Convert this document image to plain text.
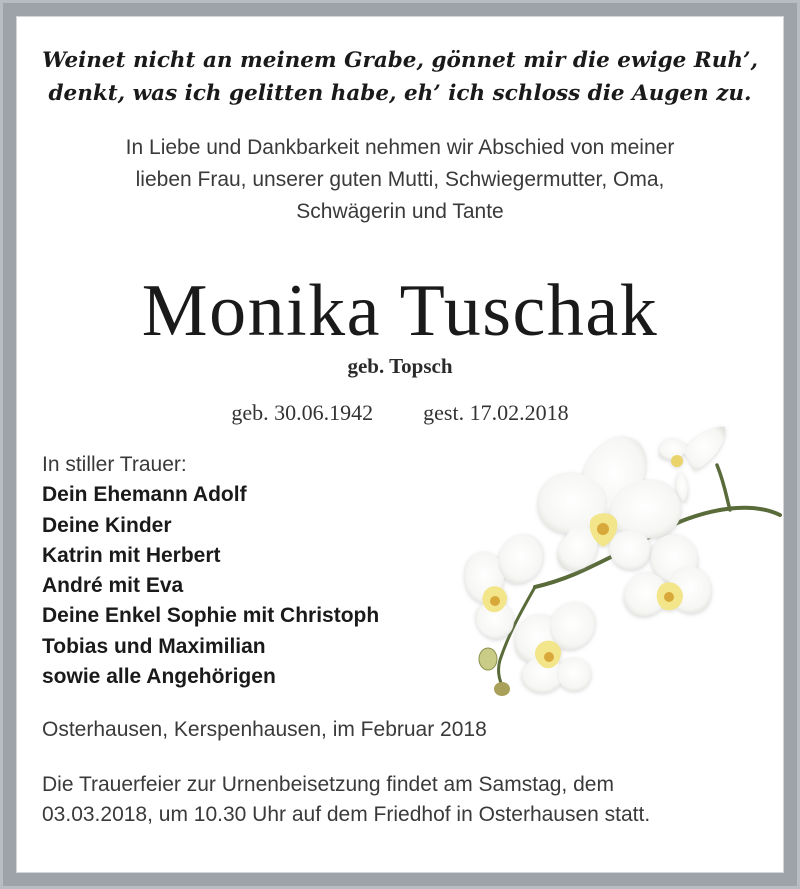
Weinet nicht an meinem Grabe, gönnet mir die ewige Ruh’,
denkt, was ich gelitten habe, eh’ ich schloss die Augen zu.
In Liebe und Dankbarkeit nehmen wir Abschied von meiner
lieben Frau, unserer guten Mutti, Schwiegermutter, Oma,
Schwägerin und Tante
Monika Tuschak
geb. Topsch
geb. 30.06.1942 gest. 17.02.2018
In stiller Trauer:
Dein Ehemann Adolf
Deine Kinder
Katrin mit Herbert
André mit Eva
Deine Enkel Sophie mit Christoph
Tobias und Maximilian
sowie alle Angehörigen
Osterhausen, Kerspenhausen, im Februar 2018
Die Trauerfeier zur Urnenbeisetzung findet am Samstag, dem
03.03.2018, um 10.30 Uhr auf dem Friedhof in Osterhausen statt.
